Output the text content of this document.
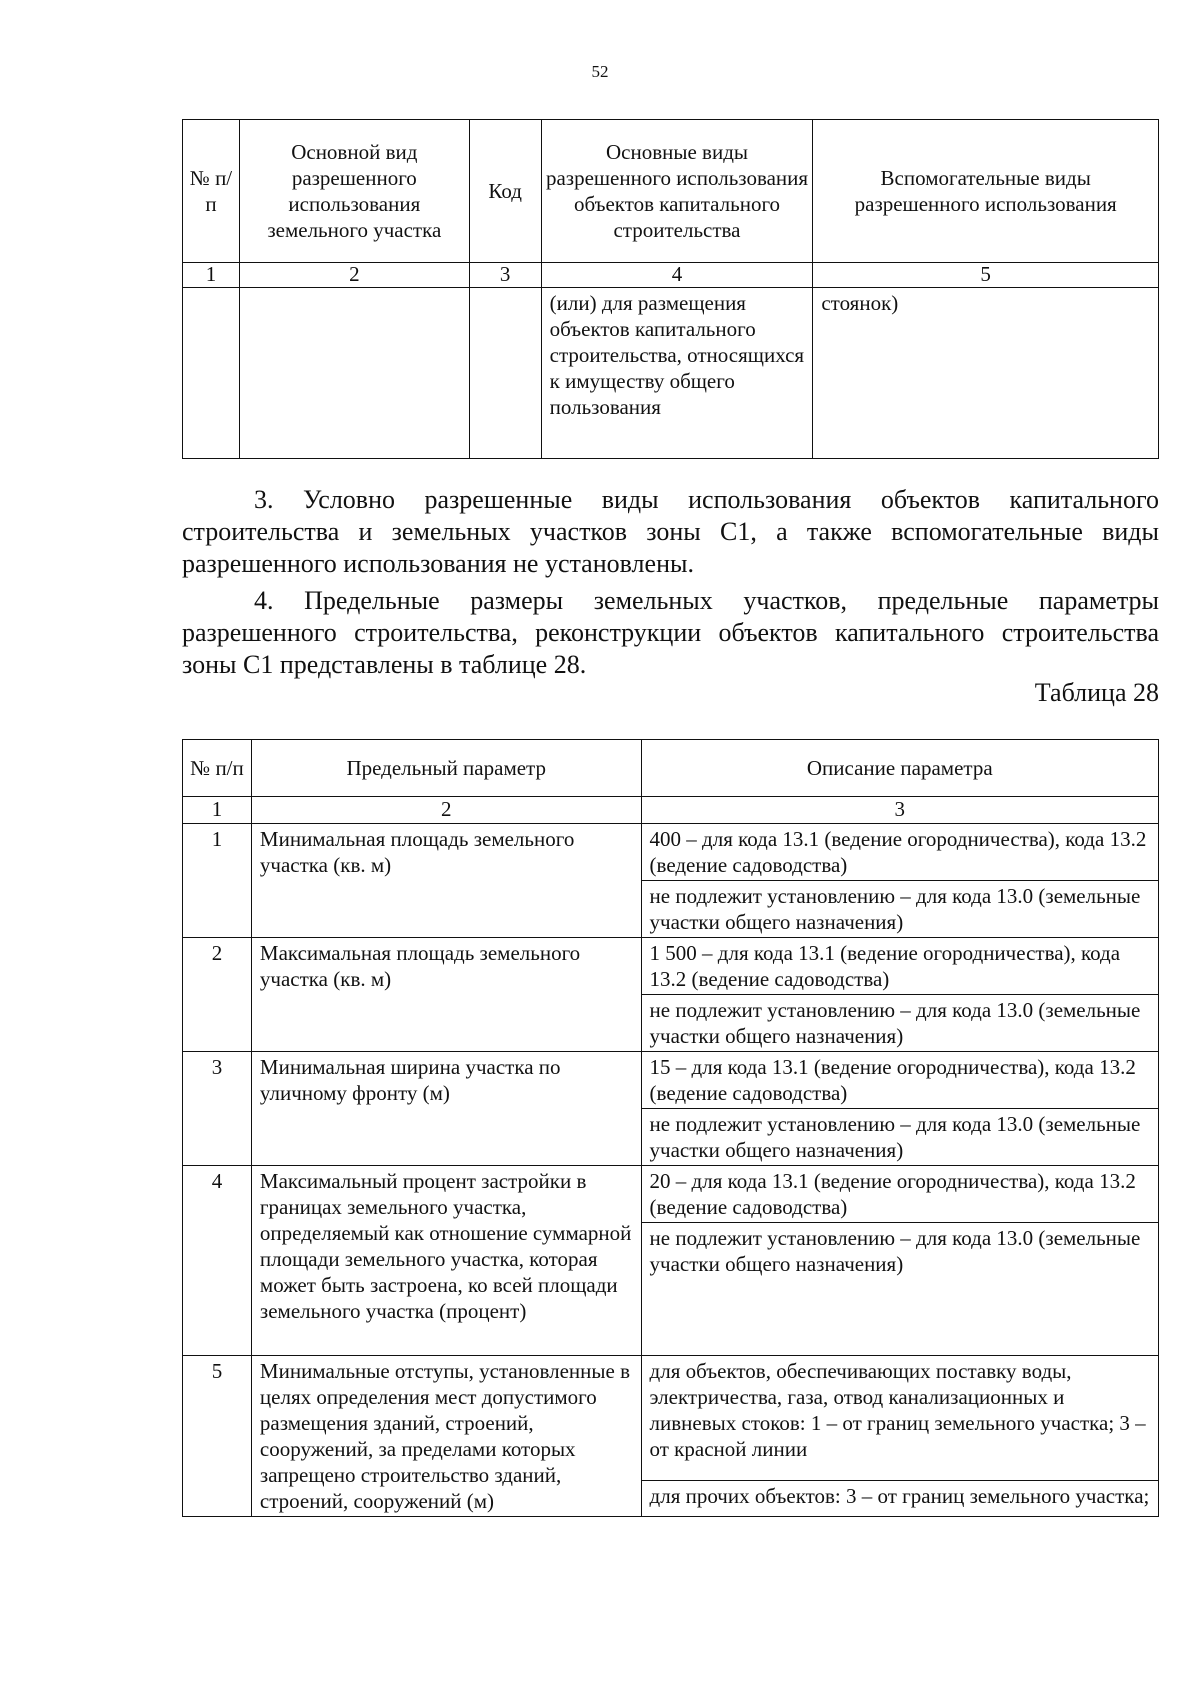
52
№ п/п	Основной вид разрешенного использования земельного участка	Код	Основные виды разрешенного использования объектов капитального строительства	Вспомогательные виды разрешенного использования
1	2	3	4	5
			(или) для размещения объектов капитального строительства, относящихся к имуществу общего пользования	стоянок)
3. Условно разрешенные виды использования объектов капитального строительства и земельных участков зоны С1, а также вспомогательные виды разрешенного использования не установлены.
4. Предельные размеры земельных участков, предельные параметры разрешенного строительства, реконструкции объектов капитального строительства зоны С1 представлены в таблице 28.
Таблица 28
№ п/п	Предельный параметр	Описание параметра
1	2	3
1	Минимальная площадь земельного участка (кв. м)	400 – для кода 13.1 (ведение огородничества), кода 13.2 (ведение садоводства)
		не подлежит установлению – для кода 13.0 (земельные участки общего назначения)
2	Максимальная площадь земельного участка (кв. м)	1 500 – для кода 13.1 (ведение огородничества), кода 13.2 (ведение садоводства)
		не подлежит установлению – для кода 13.0 (земельные участки общего назначения)
3	Минимальная ширина участка по уличному фронту (м)	15 – для кода 13.1 (ведение огородничества), кода 13.2 (ведение садоводства)
		не подлежит установлению – для кода 13.0 (земельные участки общего назначения)
4	Максимальный процент застройки в границах земельного участка, определяемый как отношение суммарной площади земельного участка, которая может быть застроена, ко всей площади земельного участка (процент)	20 – для кода 13.1 (ведение огородничества), кода 13.2 (ведение садоводства)
		не подлежит установлению – для кода 13.0 (земельные участки общего назначения)
5	Минимальные отступы, установленные в целях определения мест допустимого размещения зданий, строений, сооружений, за пределами которых запрещено строительство зданий, строений, сооружений (м)	для объектов, обеспечивающих поставку воды, электричества, газа, отвод канализационных и ливневых стоков: 1 – от границ земельного участка; 3 – от красной линии
		для прочих объектов: 3 – от границ земельного участка;
